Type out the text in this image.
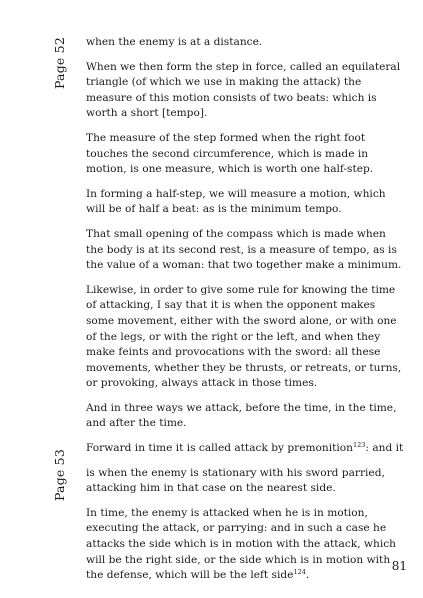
Page 52
Page 53

when the enemy is at a distance.

When we then form the step in force, called an equilateral triangle (of which we use in making the attack) the measure of this motion consists of two beats: which is worth a short [tempo].

The measure of the step formed when the right foot touches the second circumference, which is made in motion, is one measure, which is worth one half-step.

In forming a half-step, we will measure a motion, which will be of half a beat: as is the minimum tempo.

That small opening of the compass which is made when the body is at its second rest, is a measure of tempo, as is the value of a woman: that two together make a minimum.

Likewise, in order to give some rule for knowing the time of attacking, I say that it is when the opponent makes some movement, either with the sword alone, or with one of the legs, or with the right or the left, and when they make feints and provocations with the sword: all these movements, whether they be thrusts, or retreats, or turns, or provoking, always attack in those times.

And in three ways we attack, before the time, in the time, and after the time.

Forward in time it is called attack by premonition$^{123}$: and it

is when the enemy is stationary with his sword parried, attacking him in that case on the nearest side.

In time, the enemy is attacked when he is in motion, executing the attack, or parrying: and in such a case he attacks the side which is in motion with the attack, which will be the right side, or the side which is in motion with the defense, which will be the left side$^{124}$.

81
